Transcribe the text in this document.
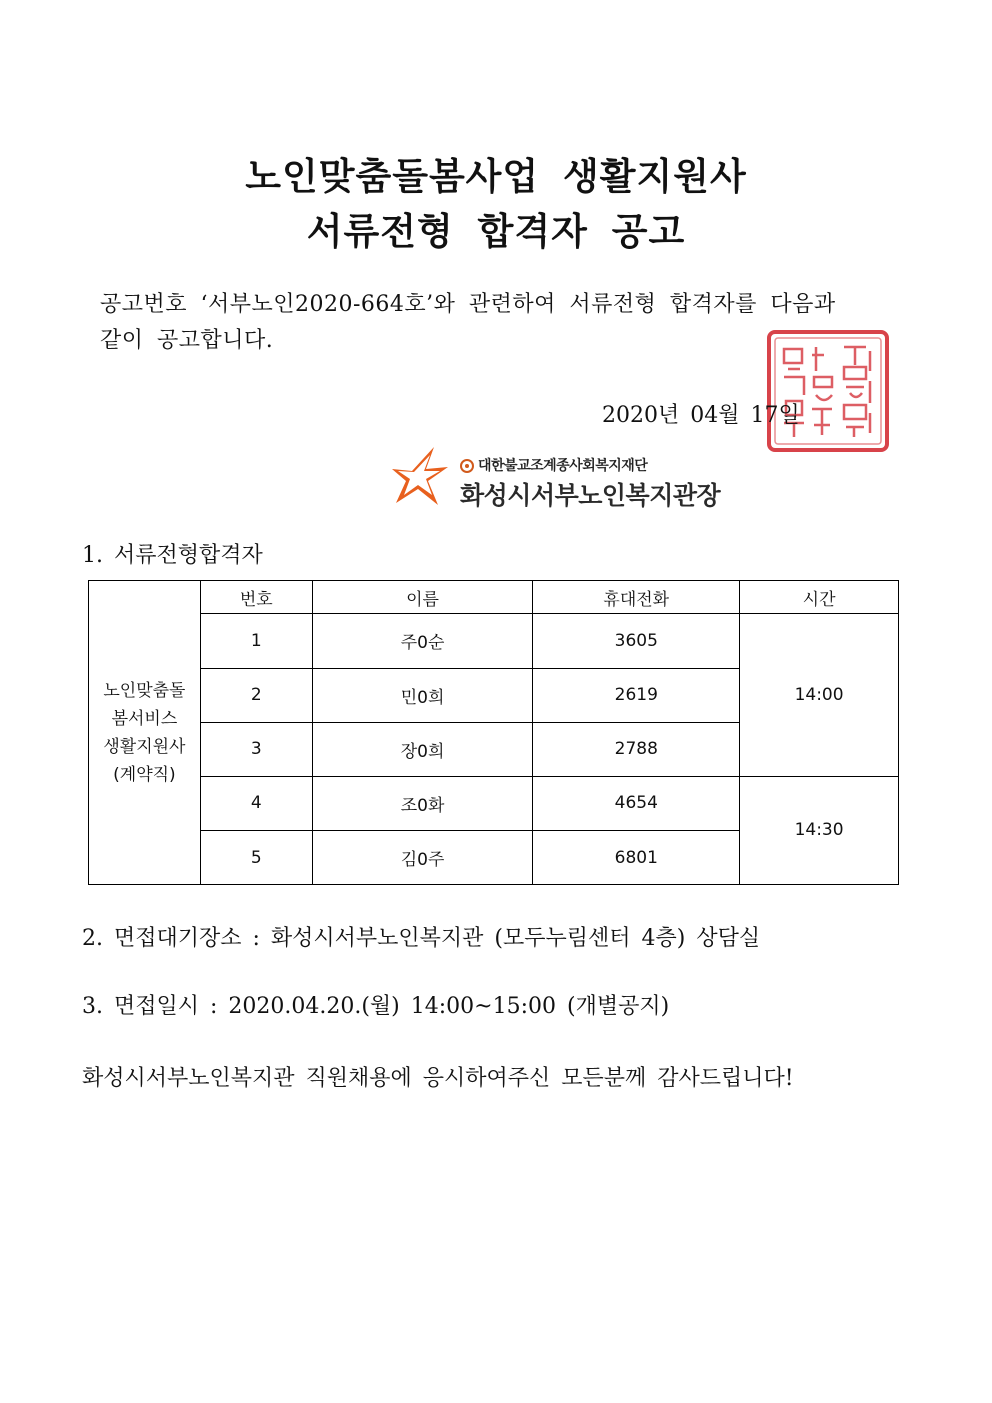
노인맞춤돌봄사업 생활지원사
서류전형 합격자 공고
공고번호 ‘서부노인2020-664호’와 관련하여 서류전형 합격자를 다음과
같이 공고합니다.
2020년 04월 17일
대한불교조계종사회복지재단
화성시서부노인복지관장
1. 서류전형합격자
노인맞춤돌
봄서비스
생활지원사
(계약직)	번호	이름	휴대전화	시간
	1	주0순	3605	14:00
	2	민0희	2619	
	3	장0희	2788	
	4	조0화	4654	14:30
	5	김0주	6801	
2. 면접대기장소 : 화성시서부노인복지관 (모두누림센터 4층) 상담실
3. 면접일시 : 2020.04.20.(월) 14:00~15:00 (개별공지)
화성시서부노인복지관 직원채용에 응시하여주신 모든분께 감사드립니다!
